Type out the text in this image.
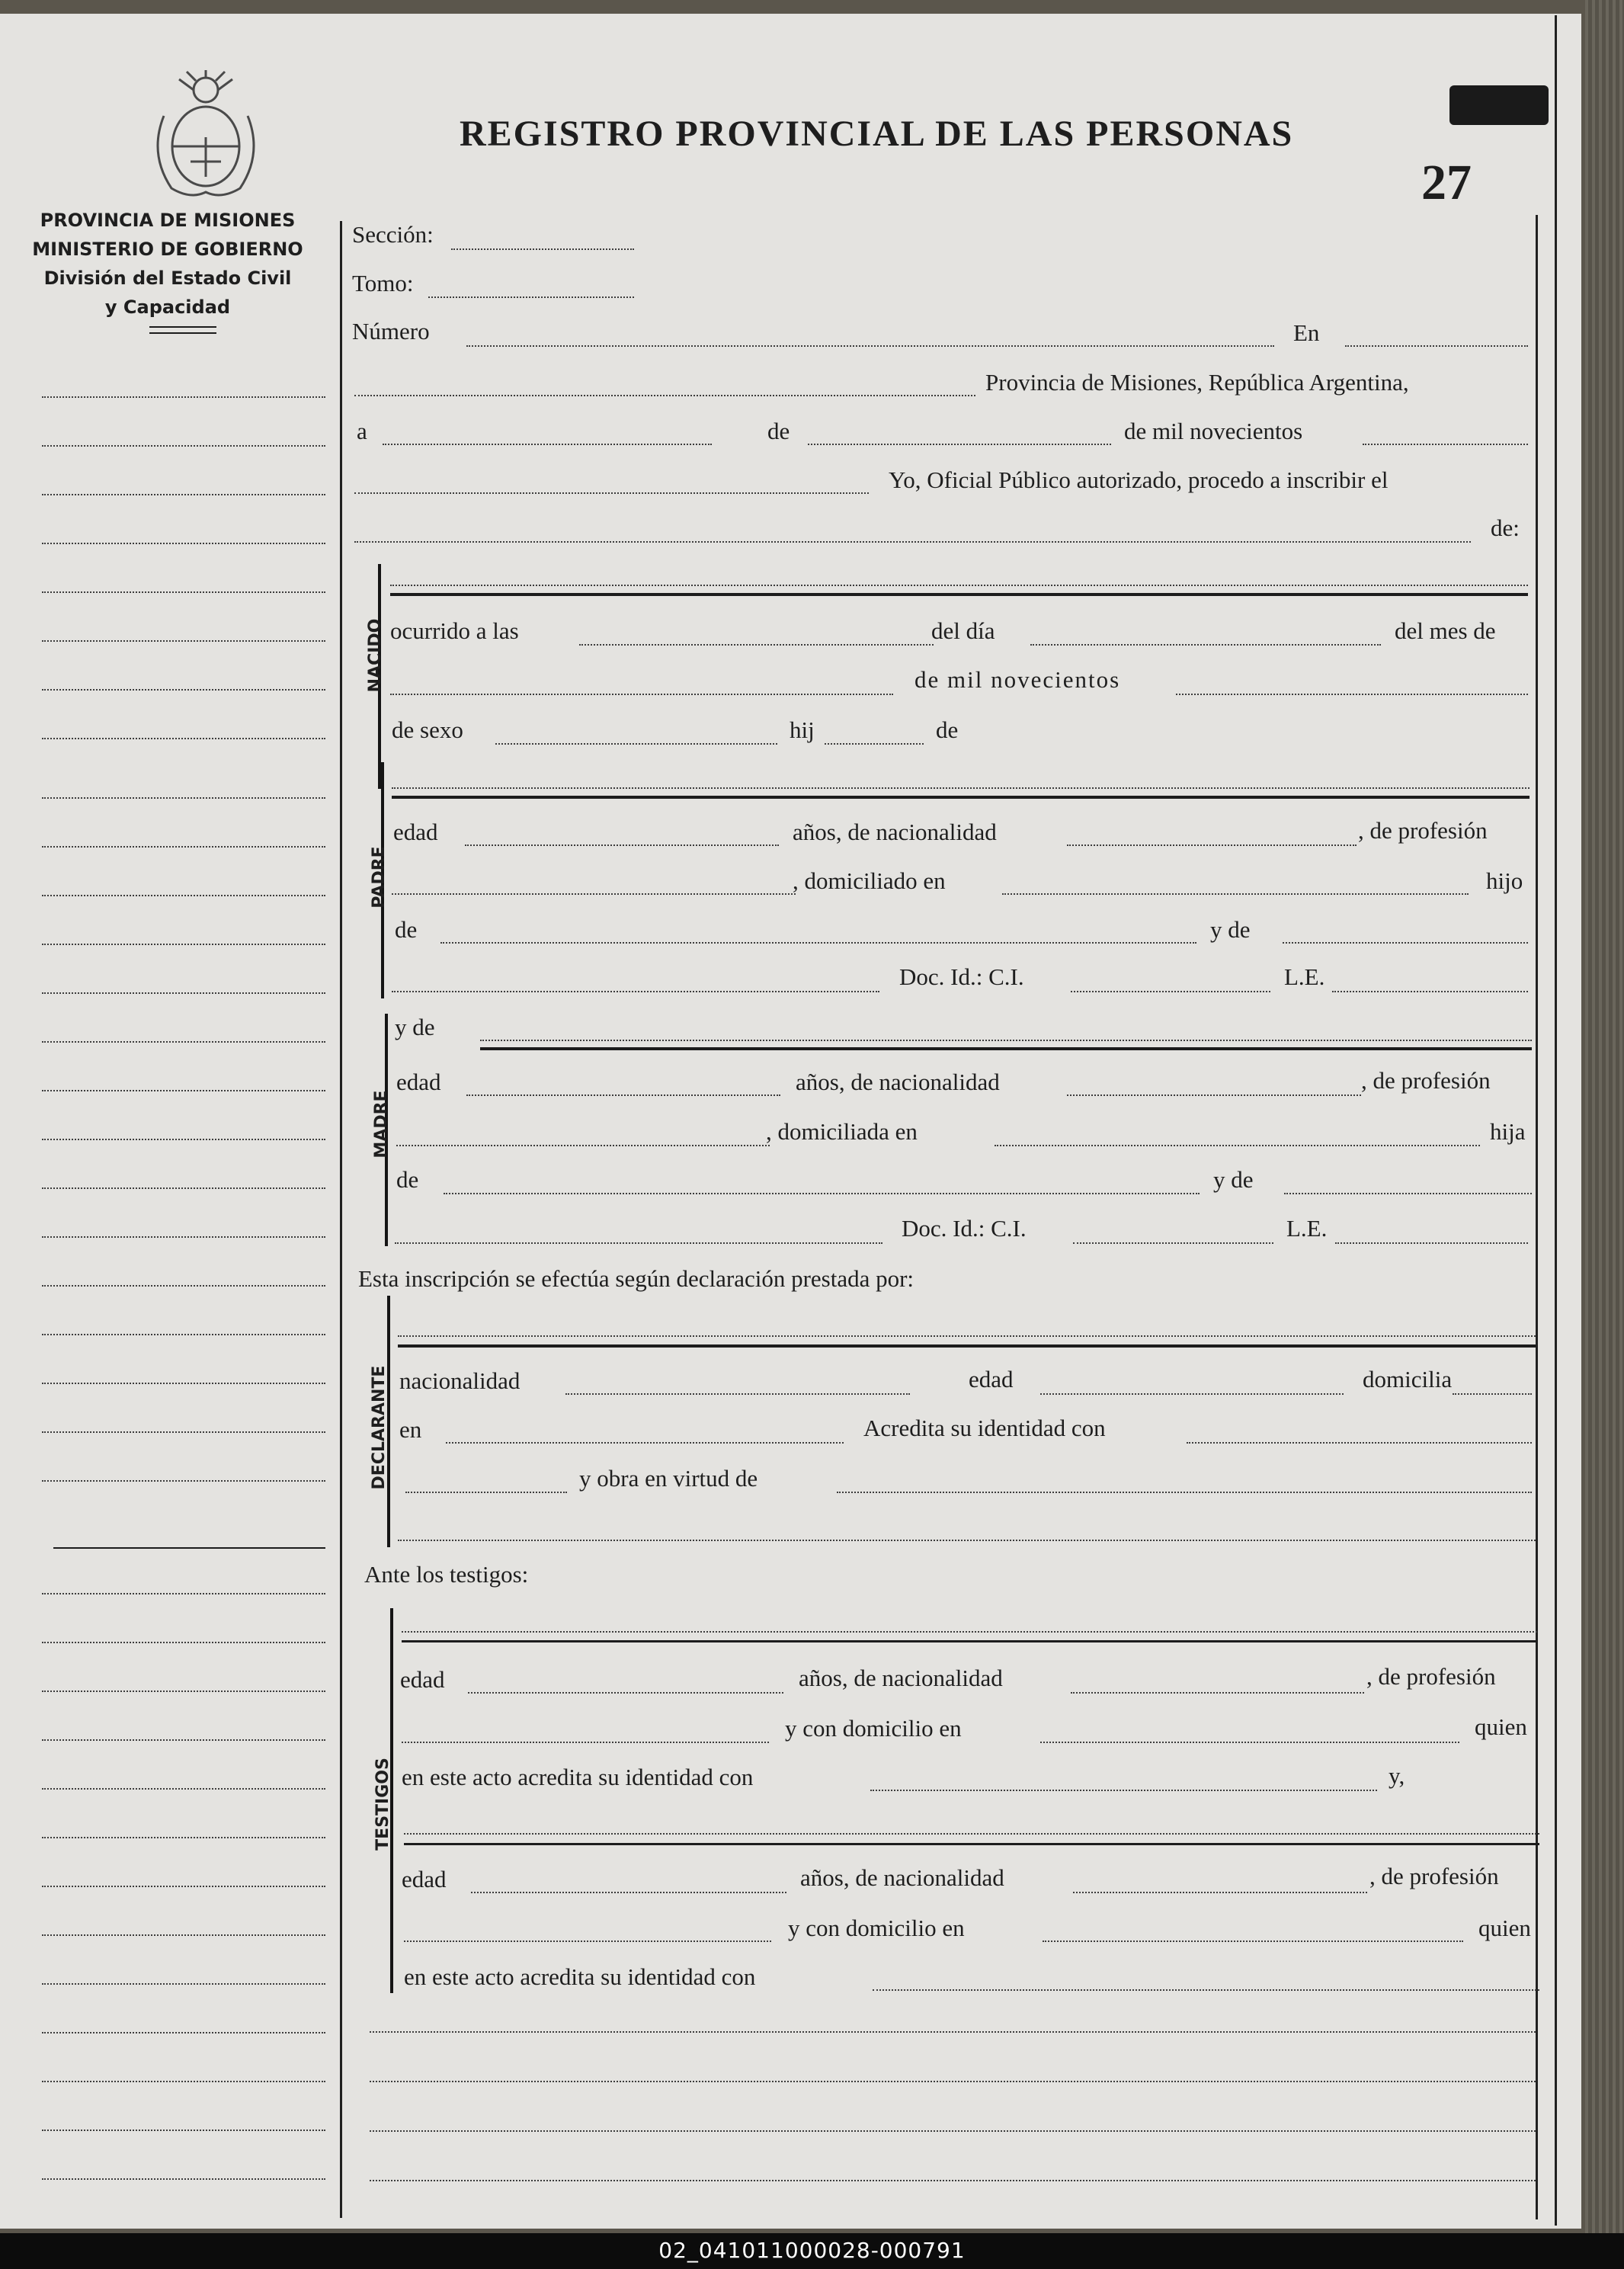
REGISTRO PROVINCIAL DE LAS PERSONAS
27
PROVINCIA DE MISIONES
MINISTERIO DE GOBIERNO
División del Estado Civil
y Capacidad
Sección:
Tomo:
Número	En
Provincia de Misiones, República Argentina,
a	de	de mil novecientos
Yo, Oficial Público autorizado, procedo a inscribir el
de:
NACIDO ocurrido a las	del día	del mes de
de mil novecientos
de sexo	hij	de
PADRE
edad	años, de nacionalidad	, de profesión
, domiciliado en	hijo
de	y de
Doc. Id.: C.I.	L.E.
MADRE
y de
edad	años, de nacionalidad	, de profesión
, domiciliada en	hija
de	y de
Doc. Id.: C.I.	L.E.
Esta inscripción se efectúa según declaración prestada por:
DECLARANTE nacionalidad	edad	domicilia
en	Acredita su identidad con
y obra en virtud de
Ante los testigos:
TESTIGOS
edad	años, de nacionalidad	, de profesión
y con domicilio en	quien
en este acto acredita su identidad con	y,
edad	años, de nacionalidad	, de profesión
y con domicilio en	quien
en este acto acredita su identidad con
02_041011000028-000791
